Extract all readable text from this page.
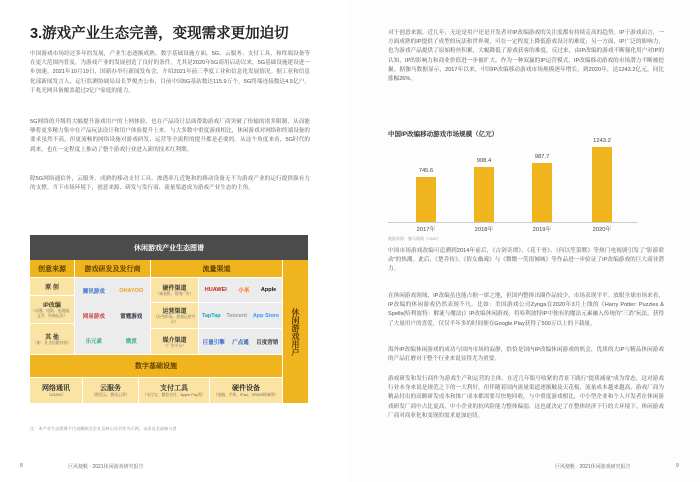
3.游戏产业生态完善，变现需求更加迫切
中国游戏市场经过多年的发展，产业生态逐渐成熟。数字基础设施方面，5G、云服务、支付工具、和终端设备等在更大范围内普及，为游戏产业的发展创造了良好的条件。尤其是2020年5G商用启动以来，5G基础设施建设进一步加速。2021年10月19日，国新办举行新闻发布会，介绍2021年前三季度工业和信息化发展情况。据工业和信息化部新闻发言人、运行监测协调局局长罗俊杰公布，目前中国5G基站数达115.9万个，5G终端连接数达4.5亿户，千兆光网具备覆盖超过2亿户家庭的能力。
5G网络的升级将大幅提升游戏用户的上网体验，也在产品设计层面帮助游戏厂商突破了传输的诸多限制，从而能够将更多精力集中在产品玩法设计和用户体验提升上来。与大多数中重度游戏相比，休闲游戏对网络和终端设备的要求虽然不高，但更流畅的网络设施对游戏研发、运营等全流程的提升都是必要的。从这个角度来看，5G时代的到来，也在一定程度上推动了整个游戏行业进入新的技术红利期。
除5G网络通信外，云服务、成熟的移动支付工具、渗透率几近饱和的移动设备无不为游戏产业的运行提供强有力的支撑。当下市场环境下，创意来源、研发与发行商、流量渠道成为游戏产业生态的主角。
休闲游戏产业生态图谱
创意来源	游戏研发及发行商	流量渠道
休闲游戏用户
原 创
IP改编
（动漫、电影、电视剧、文学、经典玩法）
其 他
（如：社交话题内容）
腾讯游戏	OHAYOO
网易游戏	雷霆游戏
乐元素	微派
硬件渠道
（预装机、系统广告）
HUAWEI 小米 Apple
运营渠道
（应用市场、游戏运营平台）
TapTap Tencent App Store
媒介渠道
（广告平台）	巨量引擎 广点通 百度营销
数字基础设施
网络通讯
（4G/5G）
云服务
（阿里云、腾讯云等）
支付工具
（支付宝、微信支付、Apple Pay等）
硬件设备
（电脑、手机、iPad、VR/AR终端等）
注：本产业生态图谱不代表睡眠全企业及核心环节作为示例，未涉及全部参与者
8	巨风便帆 · 2021休闲游戏研究报告
对于创意来源，近几年，无论是用户还是开发者对IP改编游戏的关注度都有持续走高的趋势。IP于游戏而言，一方面成熟的IP提供了成型的玩法和世界观，可在一定程度上降低游戏设计的难度；另一方面，IP广泛的影响力，也为游戏产品提供了原始粉丝积累，大幅降低了游戏获客的难度。反过来，由IP改编的游戏不断强化用户对IP的认知，IP的影响力和商业价值进一步被扩大。作为一种双赢的IP运营模式，IP改编移动游戏的市场潜力不断被挖掘。据伽马数据显示，2017年以来，中国IP改编移动游戏市场规模逐年增长，到2020年，达1243.2亿元，同比涨幅26%。
中国IP改编移动游戏市场规模（亿元）
745.6
2017年
908.4
2018年
987.7
2019年
1243.2
2020年
数据来源：伽马数据（CNG）
中国市场游戏改编可追溯到2014年前后，《古剑奇谭》、《花千骨》、《何以笙箫默》等热门电视剧引发了“影游联动”的热潮。此后，《楚乔传》、《倩女幽魂》与《微微一笑很倾城》等作品进一步验证了IP改编游戏的巨大商业潜力。
在休闲游戏领域，IP改编虽也能占据一席之地，但国内整体出圈作品较少，市场表现平平。放眼全球市场来看，IP改编的休闲游戏仍然表现不凡。比如：美国游戏公司Zynga在2020年3月上线的《Harry Potter: Puzzles & Spells(哈利波特：解谜与魔法)》IP改编休闲游戏，将哈利波特IP中独有的魔法元素融入传统的“三消”玩法，获得了大量用户的喜爱，仅仅半年多的时间便在Google Play获得了500万以上的下载量。
海外IP改编休闲游戏的成功与国内市场的寂静，恰恰是国内IP改编休闲游戏的机会，优质的大IP与精品休闲游戏的产品打磨对于整个行业来说显得尤为重要。
游戏研发和发行商作为游戏生产和运营的主体，在近几年版号收紧的背景下践行“提质减量”成为常态，这对游戏行业本身来说是规范之下的一大利好。但伴随着国内流量渠道逐渐触及天花板，流量成本越来越高，游戏厂商为精品付出的高额研发成本和推广成本都需要尽快地回收。与中重度游戏相比，中小型企业和个人开发者在休闲游戏研发厂商中占比更高，中小企业的抗风险能力整体偏弱，这也就决定了在整体经济下行的大环境下，休闲游戏厂商对商业化和变现的需求更加迫切。
巨风便帆 · 2021休闲游戏研究报告	9
